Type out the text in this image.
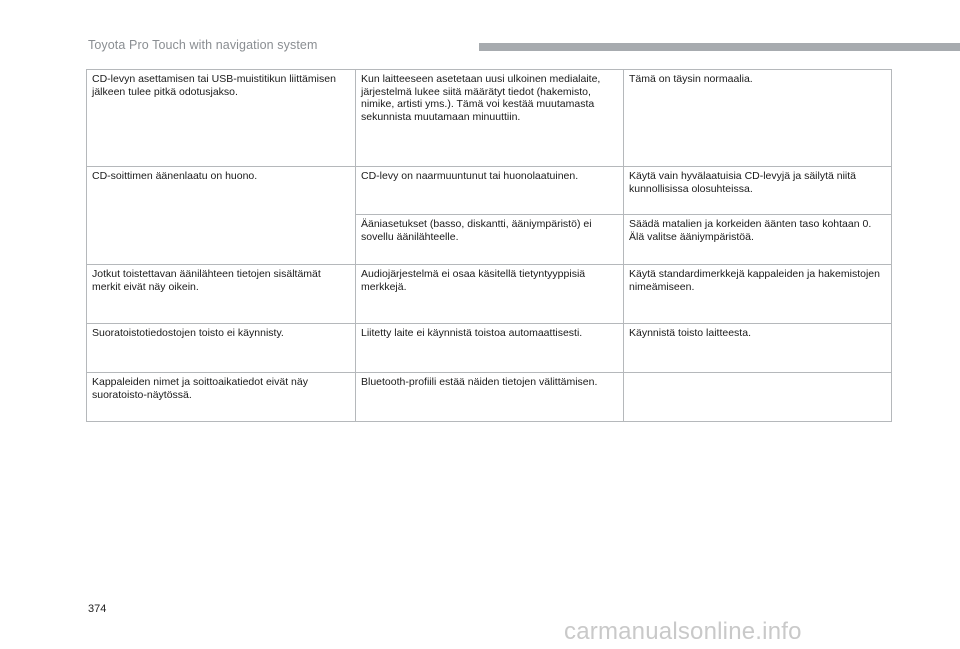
Toyota Pro Touch with navigation system
CD-levyn asettamisen tai USB-muistitikun liittämisen jälkeen tulee pitkä odotusjakso.	Kun laitteeseen asetetaan uusi ulkoinen medialaite, järjestelmä lukee siitä määrätyt tiedot (hakemisto, nimike, artisti yms.). Tämä voi kestää muutamasta sekunnista muutamaan minuuttiin.	Tämä on täysin normaalia.
CD-soittimen äänenlaatu on huono.	CD-levy on naarmuuntunut tai huonolaatuinen.	Käytä vain hyvälaatuisia CD-levyjä ja säilytä niitä kunnollisissa olosuhteissa.
	Ääniasetukset (basso, diskantti, ääniympäristö) ei sovellu äänilähteelle.	Säädä matalien ja korkeiden äänten taso kohtaan 0. Älä valitse ääniympäristöä.
Jotkut toistettavan äänilähteen tietojen sisältämät merkit eivät näy oikein.	Audiojärjestelmä ei osaa käsitellä tietyntyyppisiä merkkejä.	Käytä standardimerkkejä kappaleiden ja hakemistojen nimeämiseen.
Suoratoistotiedostojen toisto ei käynnisty.	Liitetty laite ei käynnistä toistoa automaattisesti.	Käynnistä toisto laitteesta.
Kappaleiden nimet ja soittoaikatiedot eivät näy suoratoisto-näytössä.	Bluetooth-profiili estää näiden tietojen välittämisen.	
374
carmanualsonline.info
